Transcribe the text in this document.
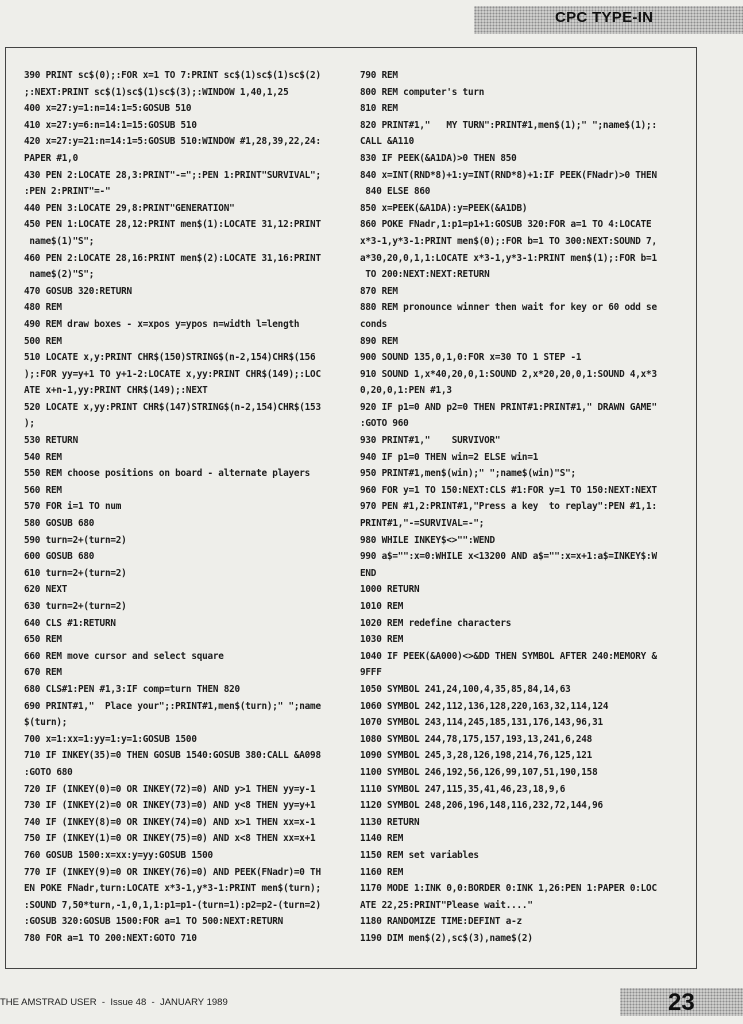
CPC TYPE-IN
390 PRINT sc$(0);:FOR x=1 TO 7:PRINT sc$(1)sc$(1)sc$(2)
;:NEXT:PRINT sc$(1)sc$(1)sc$(3);:WINDOW 1,40,1,25
400 x=27:y=1:n=14:1=5:GOSUB 510
410 x=27:y=6:n=14:1=15:GOSUB 510
420 x=27:y=21:n=14:1=5:GOSUB 510:WINDOW #1,28,39,22,24:
PAPER #1,0
430 PEN 2:LOCATE 28,3:PRINT"-=";:PEN 1:PRINT"SURVIVAL";
:PEN 2:PRINT"=-"
440 PEN 3:LOCATE 29,8:PRINT"GENERATION"
450 PEN 1:LOCATE 28,12:PRINT men$(1):LOCATE 31,12:PRINT
name$(1)"S";
460 PEN 2:LOCATE 28,16:PRINT men$(2):LOCATE 31,16:PRINT
name$(2)"S";
470 GOSUB 320:RETURN
480 REM
490 REM draw boxes - x=xpos y=ypos n=width l=length
500 REM
510 LOCATE x,y:PRINT CHR$(150)STRING$(n-2,154)CHR$(156
);:FOR yy=y+1 TO y+1-2:LOCATE x,yy:PRINT CHR$(149);:LOC
ATE x+n-1,yy:PRINT CHR$(149);:NEXT
520 LOCATE x,yy:PRINT CHR$(147)STRING$(n-2,154)CHR$(153
);
530 RETURN
540 REM
550 REM choose positions on board - alternate players
560 REM
570 FOR i=1 TO num
580 GOSUB 680
590 turn=2+(turn=2)
600 GOSUB 680
610 turn=2+(turn=2)
620 NEXT
630 turn=2+(turn=2)
640 CLS #1:RETURN
650 REM
660 REM move cursor and select square
670 REM
680 CLS#1:PEN #1,3:IF comp=turn THEN 820
690 PRINT#1,"  Place your";:PRINT#1,men$(turn);" ";name
$(turn);
700 x=1:xx=1:yy=1:y=1:GOSUB 1500
710 IF INKEY(35)=0 THEN GOSUB 1540:GOSUB 380:CALL &A098
:GOTO 680
720 IF (INKEY(0)=0 OR INKEY(72)=0) AND y>1 THEN yy=y-1
730 IF (INKEY(2)=0 OR INKEY(73)=0) AND y<8 THEN yy=y+1
740 IF (INKEY(8)=0 OR INKEY(74)=0) AND x>1 THEN xx=x-1
750 IF (INKEY(1)=0 OR INKEY(75)=0) AND x<8 THEN xx=x+1
760 GOSUB 1500:x=xx:y=yy:GOSUB 1500
770 IF (INKEY(9)=0 OR INKEY(76)=0) AND PEEK(FNadr)=0 TH
EN POKE FNadr,turn:LOCATE x*3-1,y*3-1:PRINT men$(turn);
:SOUND 7,50*turn,-1,0,1,1:p1=p1-(turn=1):p2=p2-(turn=2)
:GOSUB 320:GOSUB 1500:FOR a=1 TO 500:NEXT:RETURN
780 FOR a=1 TO 200:NEXT:GOTO 710
790 REM
800 REM computer's turn
810 REM
820 PRINT#1,"   MY TURN":PRINT#1,men$(1);" ";name$(1);:
CALL &A110
830 IF PEEK(&A1DA)>0 THEN 850
840 x=INT(RND*8)+1:y=INT(RND*8)+1:IF PEEK(FNadr)>0 THEN
840 ELSE 860
850 x=PEEK(&A1DA):y=PEEK(&A1DB)
860 POKE FNadr,1:p1=p1+1:GOSUB 320:FOR a=1 TO 4:LOCATE
x*3-1,y*3-1:PRINT men$(0);:FOR b=1 TO 300:NEXT:SOUND 7,
a*30,20,0,1,1:LOCATE x*3-1,y*3-1:PRINT men$(1);:FOR b=1
TO 200:NEXT:NEXT:RETURN
870 REM
880 REM pronounce winner then wait for key or 60 odd se
conds
890 REM
900 SOUND 135,0,1,0:FOR x=30 TO 1 STEP -1
910 SOUND 1,x*40,20,0,1:SOUND 2,x*20,20,0,1:SOUND 4,x*3
0,20,0,1:PEN #1,3
920 IF p1=0 AND p2=0 THEN PRINT#1:PRINT#1," DRAWN GAME"
:GOTO 960
930 PRINT#1,"    SURVIVOR"
940 IF p1=0 THEN win=2 ELSE win=1
950 PRINT#1,men$(win);" ";name$(win)"S";
960 FOR y=1 TO 150:NEXT:CLS #1:FOR y=1 TO 150:NEXT:NEXT
970 PEN #1,2:PRINT#1,"Press a key  to replay":PEN #1,1:
PRINT#1,"-=SURVIVAL=-";
980 WHILE INKEY$<>"":WEND
990 a$="":x=0:WHILE x<13200 AND a$="":x=x+1:a$=INKEY$:W
END
1000 RETURN
1010 REM
1020 REM redefine characters
1030 REM
1040 IF PEEK(&A000)<>&DD THEN SYMBOL AFTER 240:MEMORY &
9FFF
1050 SYMBOL 241,24,100,4,35,85,84,14,63
1060 SYMBOL 242,112,136,128,220,163,32,114,124
1070 SYMBOL 243,114,245,185,131,176,143,96,31
1080 SYMBOL 244,78,175,157,193,13,241,6,248
1090 SYMBOL 245,3,28,126,198,214,76,125,121
1100 SYMBOL 246,192,56,126,99,107,51,190,158
1110 SYMBOL 247,115,35,41,46,23,18,9,6
1120 SYMBOL 248,206,196,148,116,232,72,144,96
1130 RETURN
1140 REM
1150 REM set variables
1160 REM
1170 MODE 1:INK 0,0:BORDER 0:INK 1,26:PEN 1:PAPER 0:LOC
ATE 22,25:PRINT"Please wait...."
1180 RANDOMIZE TIME:DEFINT a-z
1190 DIM men$(2),sc$(3),name$(2)
THE AMSTRAD USER  -  Issue 48  -  JANUARY 1989	23
